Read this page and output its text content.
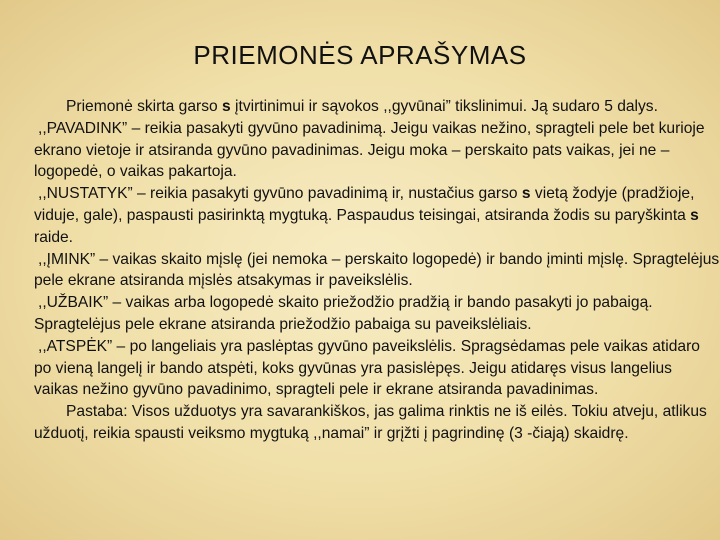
PRIEMONĖS APRAŠYMAS

Priemonė skirta garso s įtvirtinimui ir sąvokos ,,gyvūnai” tikslinimui. Ją sudaro 5 dalys.

,,PAVADINK” – reikia pasakyti gyvūno pavadinimą. Jeigu vaikas nežino, spragteli pele bet kurioje ekrano vietoje ir atsiranda gyvūno pavadinimas. Jeigu moka – perskaito pats vaikas, jei ne – logopedė, o vaikas pakartoja.

,,NUSTATYK” – reikia pasakyti gyvūno pavadinimą ir, nustačius garso s vietą žodyje (pradžioje, viduje, gale), paspausti pasirinktą mygtuką. Paspaudus teisingai, atsiranda žodis su paryškinta s raide.

,,ĮMINK” – vaikas skaito mįslę (jei nemoka – perskaito logopedė) ir bando įminti mįslę. Spragtelėjus pele ekrane atsiranda mįslės atsakymas ir paveikslėlis.

,,UŽBAIK” – vaikas arba logopedė skaito priežodžio pradžią ir bando pasakyti jo pabaigą. Spragtelėjus pele ekrane atsiranda priežodžio pabaiga su paveikslėliais.

,,ATSPĖK” – po langeliais yra paslėptas gyvūno paveikslėlis. Spragsėdamas pele vaikas atidaro po vieną langelį ir bando atspėti, koks gyvūnas yra pasislėpęs. Jeigu atidaręs visus langelius vaikas nežino gyvūno pavadinimo, spragteli pele ir ekrane atsiranda pavadinimas.

Pastaba: Visos užduotys yra savarankiškos, jas galima rinktis ne iš eilės. Tokiu atveju, atlikus užduotį, reikia spausti veiksmo mygtuką ,,namai” ir grįžti į pagrindinę (3 -čiają) skaidrę.
